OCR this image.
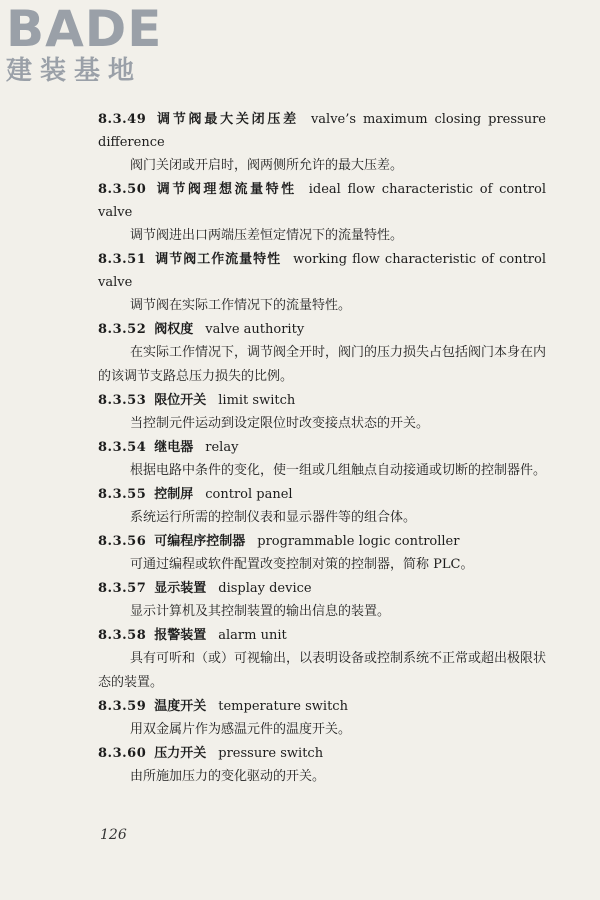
BADE
建装基地
8.3.49 调节阀最大关闭压差 valve’s maximum closing pressure difference
阀门关闭或开启时，阀两侧所允许的最大压差。
8.3.50 调节阀理想流量特性 ideal flow characteristic of control valve
调节阀进出口两端压差恒定情况下的流量特性。
8.3.51 调节阀工作流量特性 working flow characteristic of control valve
调节阀在实际工作情况下的流量特性。
8.3.52 阀权度 valve authority
在实际工作情况下，调节阀全开时，阀门的压力损失占包括阀门本身在内的该调节支路总压力损失的比例。
8.3.53 限位开关 limit switch
当控制元件运动到设定限位时改变接点状态的开关。
8.3.54 继电器 relay
根据电路中条件的变化，使一组或几组触点自动接通或切断的控制器件。
8.3.55 控制屏 control panel
系统运行所需的控制仪表和显示器件等的组合体。
8.3.56 可编程序控制器 programmable logic controller
可通过编程或软件配置改变控制对策的控制器，简称 PLC。
8.3.57 显示装置 display device
显示计算机及其控制装置的输出信息的装置。
8.3.58 报警装置 alarm unit
具有可听和（或）可视输出，以表明设备或控制系统不正常或超出极限状态的装置。
8.3.59 温度开关 temperature switch
用双金属片作为感温元件的温度开关。
8.3.60 压力开关 pressure switch
由所施加压力的变化驱动的开关。
126
